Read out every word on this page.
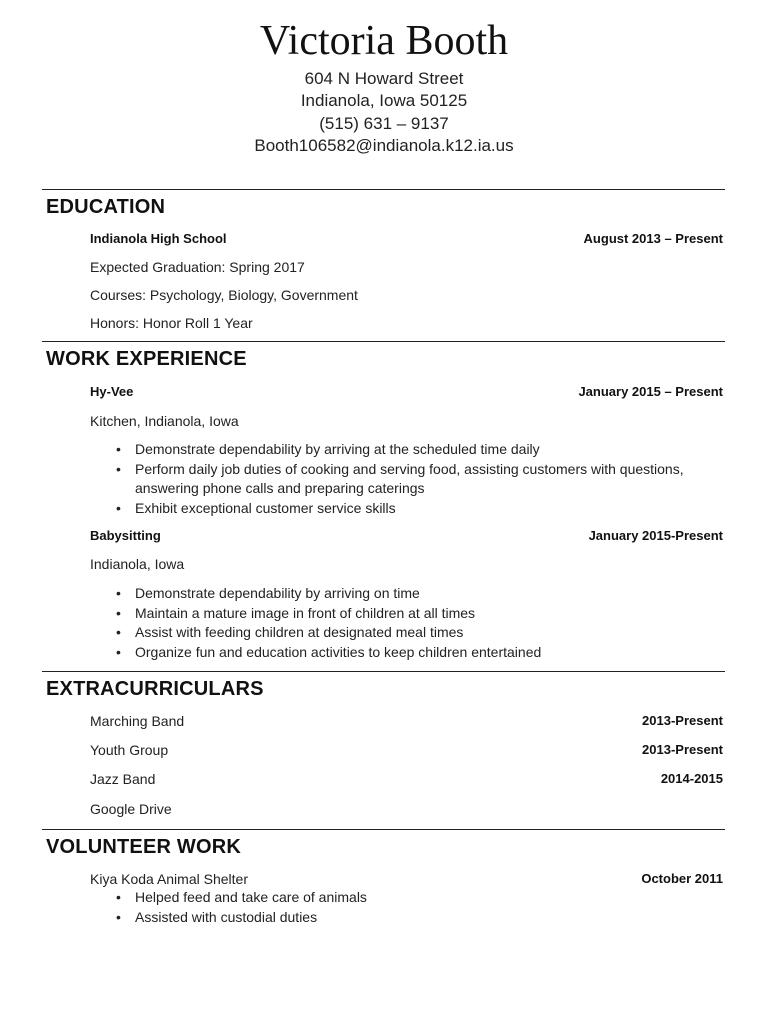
Victoria Booth
604 N Howard Street
Indianola, Iowa 50125
(515) 631 – 9137
Booth106582@indianola.k12.ia.us
EDUCATION
Indianola High School	August 2013 – Present
Expected Graduation: Spring 2017
Courses: Psychology, Biology, Government
Honors: Honor Roll 1 Year
WORK EXPERIENCE
Hy-Vee	January 2015 – Present
Kitchen, Indianola, Iowa
• Demonstrate dependability by arriving at the scheduled time daily
• Perform daily job duties of cooking and serving food, assisting customers with questions, answering phone calls and preparing caterings
• Exhibit exceptional customer service skills
Babysitting	January 2015-Present
Indianola, Iowa
• Demonstrate dependability by arriving on time
• Maintain a mature image in front of children at all times
• Assist with feeding children at designated meal times
• Organize fun and education activities to keep children entertained
EXTRACURRICULARS
Marching Band	2013-Present
Youth Group	2013-Present
Jazz Band	2014-2015
Google Drive
VOLUNTEER WORK
Kiya Koda Animal Shelter	October 2011
• Helped feed and take care of animals
• Assisted with custodial duties
